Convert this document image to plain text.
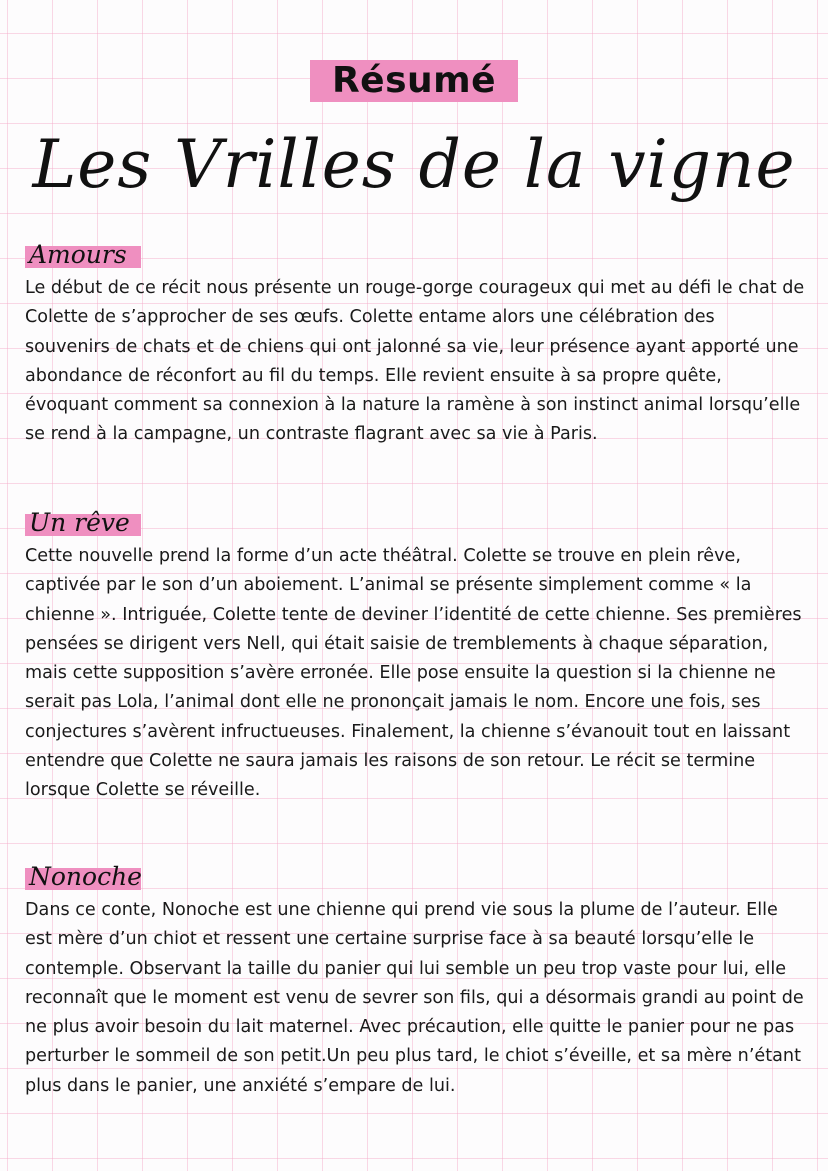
Résumé
Les Vrilles de la vigne
Amours

Le début de ce récit nous présente un rouge-gorge courageux qui met au défi le chat de Colette de s’approcher de ses œufs. Colette entame alors une célébration des souvenirs de chats et de chiens qui ont jalonné sa vie, leur présence ayant apporté une abondance de réconfort au fil du temps. Elle revient ensuite à sa propre quête, évoquant comment sa connexion à la nature la ramène à son instinct animal lorsqu’elle se rend à la campagne, un contraste flagrant avec sa vie à Paris.

Un rêve

Cette nouvelle prend la forme d’un acte théâtral. Colette se trouve en plein rêve, captivée par le son d’un aboiement. L’animal se présente simplement comme « la chienne ». Intriguée, Colette tente de deviner l’identité de cette chienne. Ses premières pensées se dirigent vers Nell, qui était saisie de tremblements à chaque séparation, mais cette supposition s’avère erronée. Elle pose ensuite la question si la chienne ne serait pas Lola, l’animal dont elle ne prononçait jamais le nom. Encore une fois, ses conjectures s’avèrent infructueuses. Finalement, la chienne s’évanouit tout en laissant entendre que Colette ne saura jamais les raisons de son retour. Le récit se termine lorsque Colette se réveille.

Nonoche

Dans ce conte, Nonoche est une chienne qui prend vie sous la plume de l’auteur. Elle est mère d’un chiot et ressent une certaine surprise face à sa beauté lorsqu’elle le contemple. Observant la taille du panier qui lui semble un peu trop vaste pour lui, elle reconnaît que le moment est venu de sevrer son fils, qui a désormais grandi au point de ne plus avoir besoin du lait maternel. Avec précaution, elle quitte le panier pour ne pas perturber le sommeil de son petit.Un peu plus tard, le chiot s’éveille, et sa mère n’étant plus dans le panier, une anxiété s’empare de lui.
